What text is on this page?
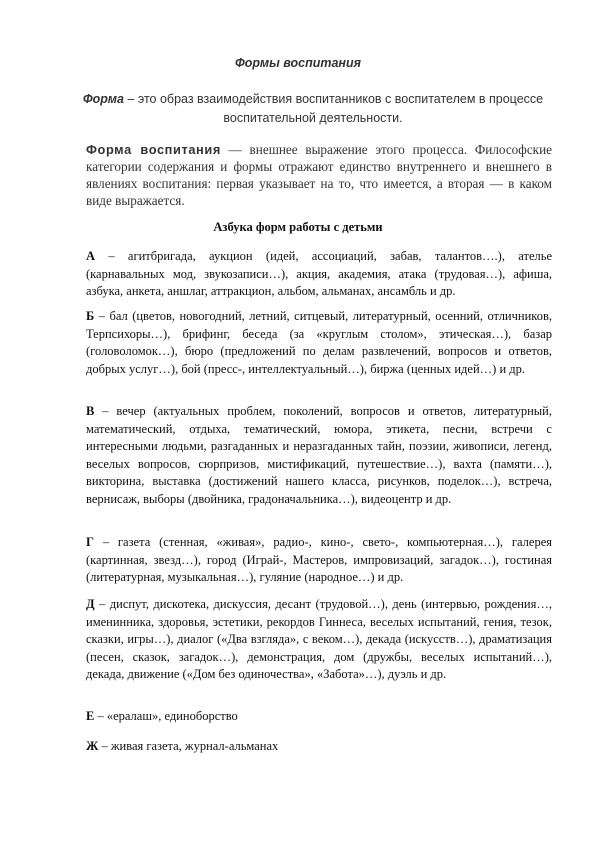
Формы воспитания
Форма – это образ взаимодействия воспитанников с воспитателем в процессе воспитательной деятельности.
Форма воспитания — внешнее выражение этого процесса. Философские категории содержания и формы отражают единство внутреннего и внешнего в явлениях воспитания: первая указывает на то, что имеется, а вторая — в каком виде выражается.
Азбука форм работы с детьми

А – агитбригада, аукцион (идей, ассоциаций, забав, талантов….), ателье (карнавальных мод, звукозаписи…), акция, академия, атака (трудовая…), афиша, азбука, анкета, аншлаг, аттракцион, альбом, альманах, ансамбль и др.

Б – бал (цветов, новогодний, летний, ситцевый, литературный, осенний, отличников, Терпсихоры…), брифинг, беседа (за «круглым столом», этическая…), базар (головоломок…), бюро (предложений по делам развлечений, вопросов и ответов, добрых услуг…), бой (пресс-, интеллектуальный…), биржа (ценных идей…) и др.

В – вечер (актуальных проблем, поколений, вопросов и ответов, литературный, математический, отдыха, тематический, юмора, этикета, песни, встречи с интересными людьми, разгаданных и неразгаданных тайн, поэзии, живописи, легенд, веселых вопросов, сюрпризов, мистификаций, путешествие…), вахта (памяти…), викторина, выставка (достижений нашего класса, рисунков, поделок…), встреча, вернисаж, выборы (двойника, градоначальника…), видеоцентр и др.

Г – газета (стенная, «живая», радио-, кино-, свето-, компьютерная…), галерея (картинная, звезд…), город (Играй-, Мастеров, импровизаций, загадок…), гостиная (литературная, музыкальная…), гуляние (народное…) и др.

Д – диспут, дискотека, дискуссия, десант (трудовой…), день (интервью, рождения…, именинника, здоровья, эстетики, рекордов Гиннеса, веселых испытаний, гения, тезок, сказки, игры…), диалог («Два взгляда», с веком…), декада (искусств…), драматизация (песен, сказок, загадок…), демонстрация, дом (дружбы, веселых испытаний…), декада, движение («Дом без одиночества», «Забота»…), дуэль и др.

Е – «ералаш», единоборство

Ж – живая газета, журнал-альманах
